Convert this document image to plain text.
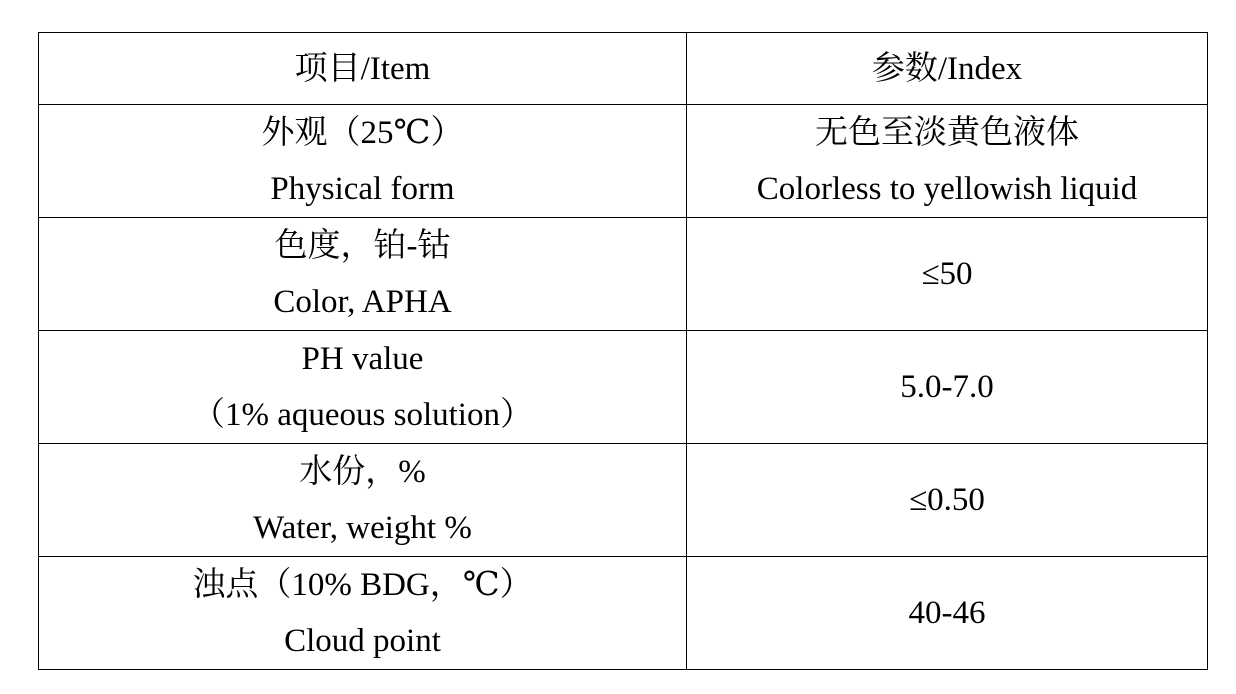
项目/Item	参数/Index

外观（25℃）
Physical form	无色至淡黄色液体
Colorless to yellowish liquid

色度，铂-钴
Color, APHA	≤50

PH value
（1% aqueous solution）	5.0-7.0

水份，%
Water, weight %	≤0.50

浊点（10% BDG，℃）
Cloud point	40-46
